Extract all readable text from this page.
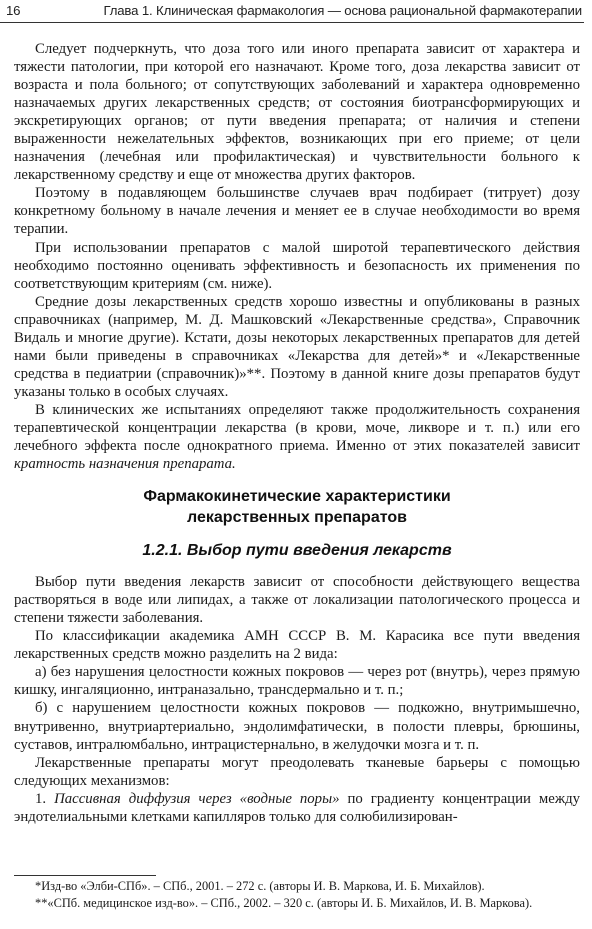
16	Глава 1. Клиническая фармакология — основа рациональной фармакотерапии

Следует подчеркнуть, что доза того или иного препарата зависит от характера и тяжести патологии, при которой его назначают. Кроме того, доза лекарства зависит от возраста и пола больного; от сопутствующих заболеваний и характера одновременно назначаемых других лекарственных средств; от состояния биотрансформирующих и экскретирующих органов; от пути введения препарата; от наличия и степени выраженности нежелательных эффектов, возникающих при его приеме; от цели назначения (лечебная или профилактическая) и чувствительности больного к лекарственному средству и еще от множества других факторов.

Поэтому в подавляющем большинстве случаев врач подбирает (титрует) дозу конкретному больному в начале лечения и меняет ее в случае необходимости во время терапии.

При использовании препаратов с малой широтой терапевтического действия необходимо постоянно оценивать эффективность и безопасность их применения по соответствующим критериям (см. ниже).

Средние дозы лекарственных средств хорошо известны и опубликованы в разных справочниках (например, М. Д. Машковский «Лекарственные средства», Справочник Видаль и многие другие). Кстати, дозы некоторых лекарственных препаратов для детей нами были приведены в справочниках «Лекарства для детей»* и «Лекарственные средства в педиатрии (справочник)»**. Поэтому в данной книге дозы препаратов будут указаны только в особых случаях.

В клинических же испытаниях определяют также продолжительность сохранения терапевтической концентрации лекарства (в крови, моче, ликворе и т. п.) или его лечебного эффекта после однократного приема. Именно от этих показателей зависит кратность назначения препарата.

Фармакокинетические характеристики
лекарственных препаратов
1.2.1. Выбор пути введения лекарств

Выбор пути введения лекарств зависит от способности действующего вещества растворяться в воде или липидах, а также от локализации патологического процесса и степени тяжести заболевания.

По классификации академика АМН СССР В. М. Карасика все пути введения лекарственных средств можно разделить на 2 вида:

а) без нарушения целостности кожных покровов — через рот (внутрь), через прямую кишку, ингаляционно, интраназально, трансдермально и т. п.;

б) с нарушением целостности кожных покровов — подкожно, внутримышечно, внутривенно, внутриартериально, эндолимфатически, в полости плевры, брюшины, суставов, интралюмбально, интрацистернально, в желудочки мозга и т. п.

Лекарственные препараты могут преодолевать тканевые барьеры с помощью следующих механизмов:

1. Пассивная диффузия через «водные поры» по градиенту концентрации между эндотелиальными клетками капилляров только для солюбилизирован-

*Изд-во «Элби-СПб». – СПб., 2001. – 272 с. (авторы И. В. Маркова, И. Б. Михайлов).

**«СПб. медицинское изд-во». – СПб., 2002. – 320 с. (авторы И. Б. Михайлов, И. В. Маркова).
